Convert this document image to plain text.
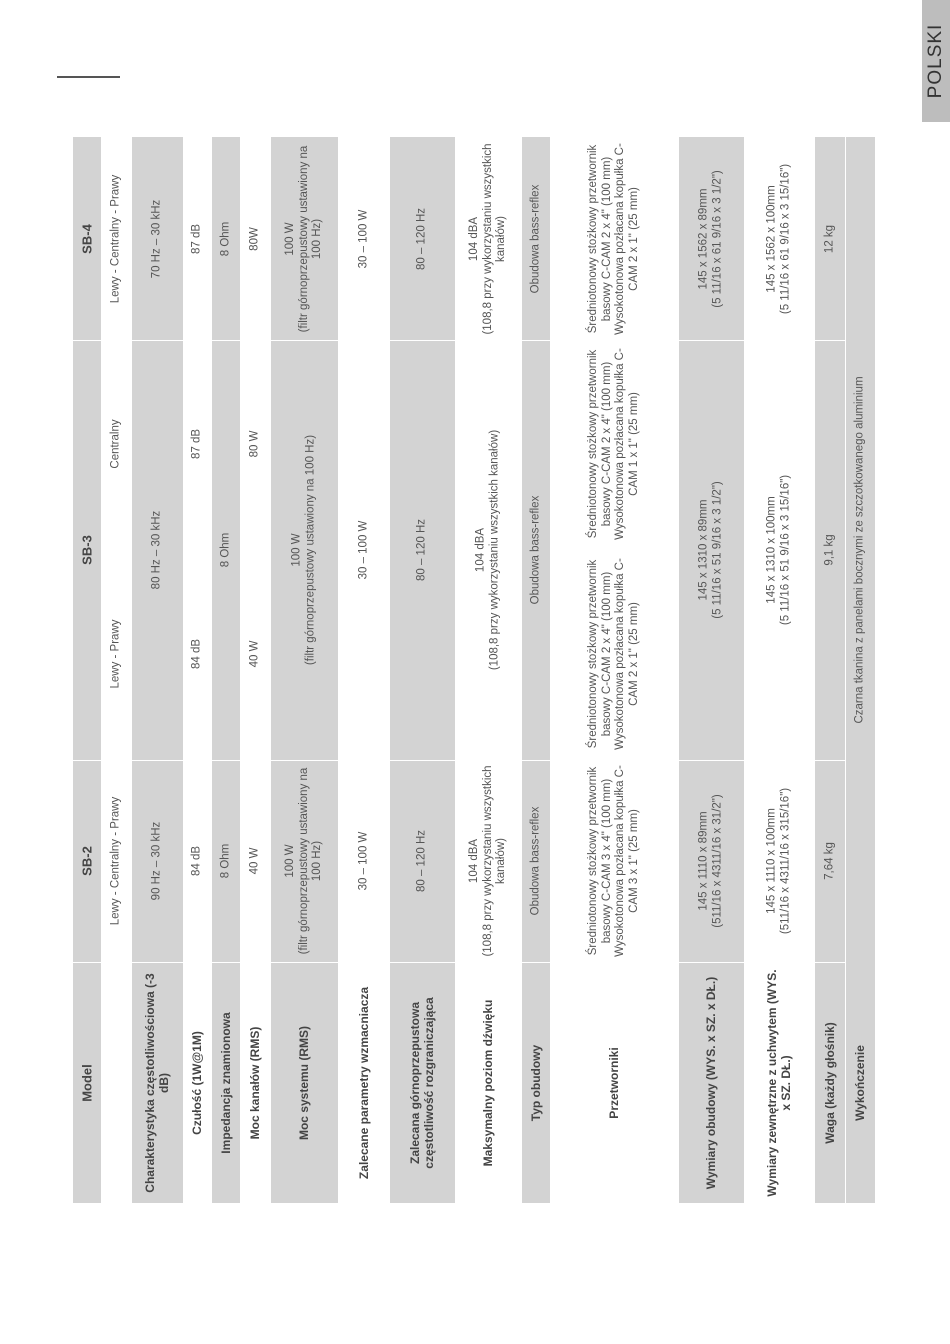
POLSKI
Model
SB-2
SB-3
SB-4
Lewy - Centralny - Prawy
Lewy - Prawy
Centralny
Lewy - Centralny - Prawy
Charakterystyka częstotliwościowa (-3 dB)
90 Hz – 30 kHz
80 Hz – 30 kHz
70 Hz – 30 kHz
Czułość (1W@1M)
84 dB
84 dB
87 dB
87 dB
Impedancja znamionowa
8 Ohm
8 Ohm
8 Ohm
Moc kanałów (RMS)
40 W
40 W
80 W
80W
Moc systemu (RMS)
100 W (filtr górnoprzepustowy ustawiony na 100 Hz)
100 W (filtr górnoprzepustowy ustawiony na 100 Hz)
100 W (filtr górnoprzepustowy ustawiony na 100 Hz)
Zalecane parametry wzmacniacza
30 – 100 W
30 – 100 W
30 – 100 W
Zalecana górnoprzepustowa częstotliwość rozgraniczająca
80 – 120 Hz
80 – 120 Hz
80 – 120 Hz
Maksymalny poziom dźwięku
104 dBA (108,8 przy wykorzystaniu wszystkich kanałów)
104 dBA (108,8 przy wykorzystaniu wszystkich kanałów)
104 dBA (108,8 przy wykorzystaniu wszystkich kanałów)
Typ obudowy
Obudowa bass-reflex
Obudowa bass-reflex
Obudowa bass-reflex
Przetworniki
Średniotonowy stożkowy przetwornik basowy C-CAM 3 x 4" (100 mm) Wysokotonowa pozłacana kopułka C-CAM 3 x 1" (25 mm)
Średniotonowy stożkowy przetwornik basowy C-CAM 2 x 4" (100 mm) Wysokotonowa pozłacana kopułka C-CAM 2 x 1" (25 mm)
Średniotonowy stożkowy przetwornik basowy C-CAM 2 x 4" (100 mm) Wysokotonowa pozłacana kopułka C-CAM 1 x 1" (25 mm)
Średniotonowy stożkowy przetwornik basowy C-CAM 2 x 4" (100 mm) Wysokotonowa pozłacana kopułka C-CAM 2 x 1" (25 mm)
Wymiary obudowy (WYS. x SZ. x DŁ.)
145 x 1110 x 89mm (511/16 x 4311/16 x 31/2")
145 x 1310 x 89mm (5 11/16 x 51 9/16 x 3 1/2")
145 x 1562 x 89mm (5 11/16 x 61 9/16 x 3 1/2")
Wymiary zewnętrzne z uchwytem (WYS. x SZ. DŁ.)
145 x 1110 x 100mm (511/16 x 4311/16 x 315/16")
145 x 1310 x 100mm (5 11/16 x 51 9/16 x 3 15/16")
145 x 1562 x 100mm (5 11/16 x 61 9/16 x 3 15/16")
Waga (każdy głośnik)
7,64 kg
9,1 kg
12 kg
Wykończenie
Czarna tkanina z panelami bocznymi ze szczotkowanego aluminium
